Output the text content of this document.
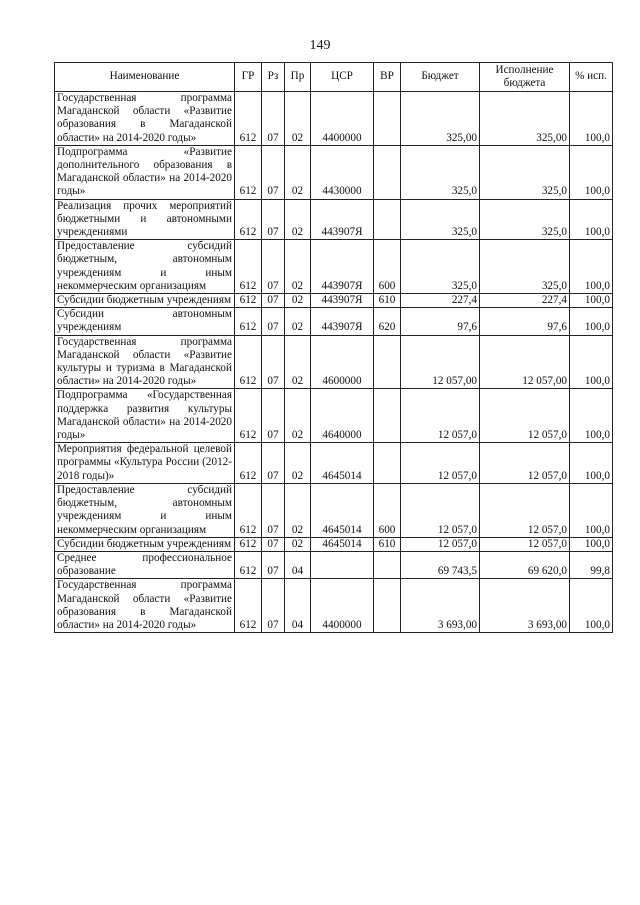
149
Наименование	ГР	Рз	Пр	ЦСР	ВР	Бюджет	Исполнение бюджета	% исп.
Государственная программа Магаданской области «Развитие образования в Магаданской области» на 2014-2020 годы»	612	07	02	4400000		325,00	325,00	100,0
Подпрограмма «Развитие дополнительного образования в Магаданской области» на 2014-2020 годы»	612	07	02	4430000		325,0	325,0	100,0
Реализация прочих мероприятий бюджетными и автономными учреждениями	612	07	02	443907Я		325,0	325,0	100,0
Предоставление субсидий бюджетным, автономным учреждениям и иным некоммерческим организациям	612	07	02	443907Я	600	325,0	325,0	100,0
Субсидии бюджетным учреждениям	612	07	02	443907Я	610	227,4	227,4	100,0
Субсидии автономным учреждениям	612	07	02	443907Я	620	97,6	97,6	100,0
Государственная программа Магаданской области «Развитие культуры и туризма в Магаданской области» на 2014-2020 годы»	612	07	02	4600000		12 057,00	12 057,00	100,0
Подпрограмма «Государственная поддержка развития культуры Магаданской области» на 2014-2020 годы»	612	07	02	4640000		12 057,0	12 057,0	100,0
Мероприятия федеральной целевой программы «Культура России (2012-2018 годы)»	612	07	02	4645014		12 057,0	12 057,0	100,0
Предоставление субсидий бюджетным, автономным учреждениям и иным некоммерческим организациям	612	07	02	4645014	600	12 057,0	12 057,0	100,0
Субсидии бюджетным учреждениям	612	07	02	4645014	610	12 057,0	12 057,0	100,0
Среднее профессиональное образование	612	07	04			69 743,5	69 620,0	99,8
Государственная программа Магаданской области «Развитие образования в Магаданской области» на 2014-2020 годы»	612	07	04	4400000		3 693,00	3 693,00	100,0
